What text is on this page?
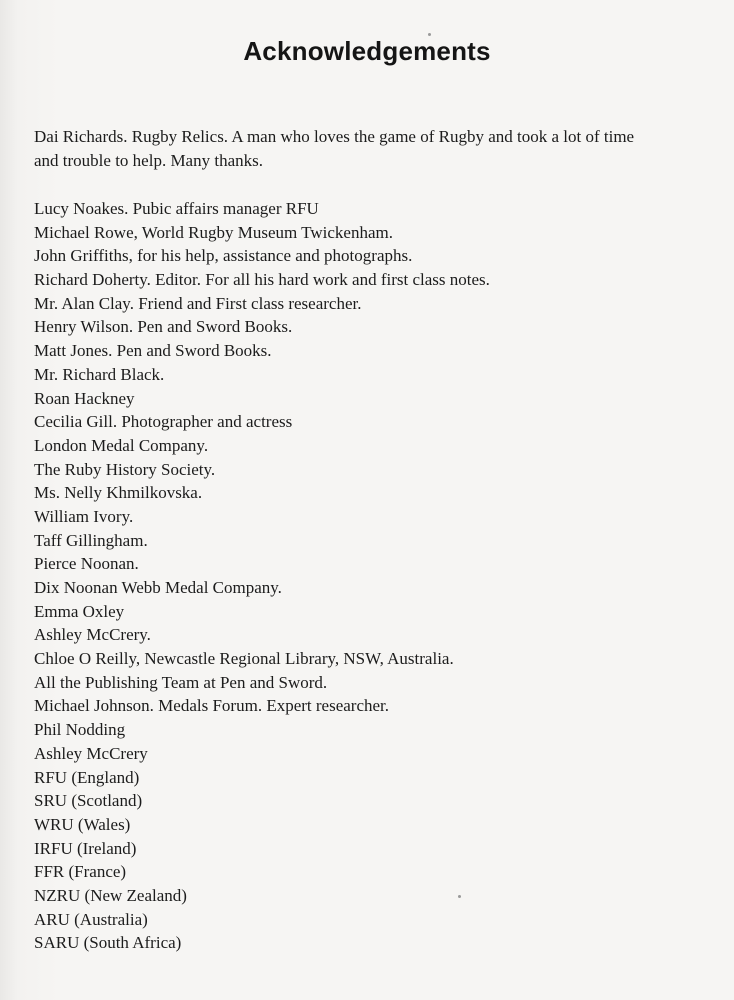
Acknowledgements

Dai Richards. Rugby Relics. A man who loves the game of Rugby and took a lot of time
and trouble to help. Many thanks.

Lucy Noakes. Pubic affairs manager RFU
Michael Rowe, World Rugby Museum Twickenham.
John Griffiths, for his help, assistance and photographs.
Richard Doherty. Editor. For all his hard work and first class notes.
Mr. Alan Clay. Friend and First class researcher.
Henry Wilson. Pen and Sword Books.
Matt Jones. Pen and Sword Books.
Mr. Richard Black.
Roan Hackney
Cecilia Gill. Photographer and actress
London Medal Company.
The Ruby History Society.
Ms. Nelly Khmilkovska.
William Ivory.
Taff Gillingham.
Pierce Noonan.
Dix Noonan Webb Medal Company.
Emma Oxley
Ashley McCrery.
Chloe O Reilly, Newcastle Regional Library, NSW, Australia.
All the Publishing Team at Pen and Sword.
Michael Johnson. Medals Forum. Expert researcher.
Phil Nodding
Ashley McCrery
RFU (England)
SRU (Scotland)
WRU (Wales)
IRFU (Ireland)
FFR (France)
NZRU (New Zealand)
ARU (Australia)
SARU (South Africa)
